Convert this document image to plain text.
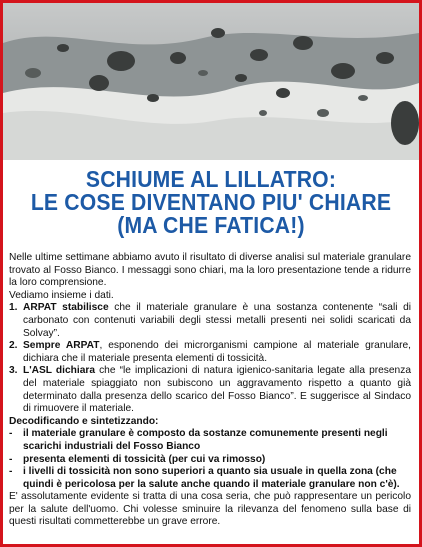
SCHIUME AL LILLATRO:
LE COSE DIVENTANO PIU' CHIARE
(MA CHE FATICA!)

Nelle ultime settimane abbiamo avuto il risultato di diverse analisi sul materiale granulare trovato al Fosso Bianco. I messaggi sono chiari, ma la loro presentazione tende a ridurre la loro comprensione.

Vediamo insieme i dati.

1. ARPAT stabilisce che il materiale granulare è una sostanza contenente “sali di carbonato con contenuti variabili degli stessi metalli presenti nei solidi scaricati da Solvay”.
2. Sempre ARPAT, esponendo dei microrganismi campione al materiale granulare, dichiara che il materiale presenta elementi di tossicità.
3. L'ASL dichiara che “le implicazioni di natura igienico-sanitaria legate alla presenza del materiale spiaggiato non subiscono un aggravamento rispetto a quanto già determinato dalla presenza dello scarico del Fosso Bianco”. E suggerisce al Sindaco di rimuovere il materiale.

Decodificando e sintetizzando:

-	il materiale granulare è composto da sostanze comunemente presenti negli scarichi industriali del Fosso Bianco
-	presenta elementi di tossicità (per cui va rimosso)
-	i livelli di tossicità non sono superiori a quanto sia usuale in quella zona (che quindi è pericolosa per la salute anche quando il materiale granulare non c'è).

E' assolutamente evidente si tratta di una cosa seria, che può rappresentare un pericolo per la salute dell'uomo. Chi volesse sminuire la rilevanza del fenomeno sulla base di questi risultati commetterebbe un grave errore.
